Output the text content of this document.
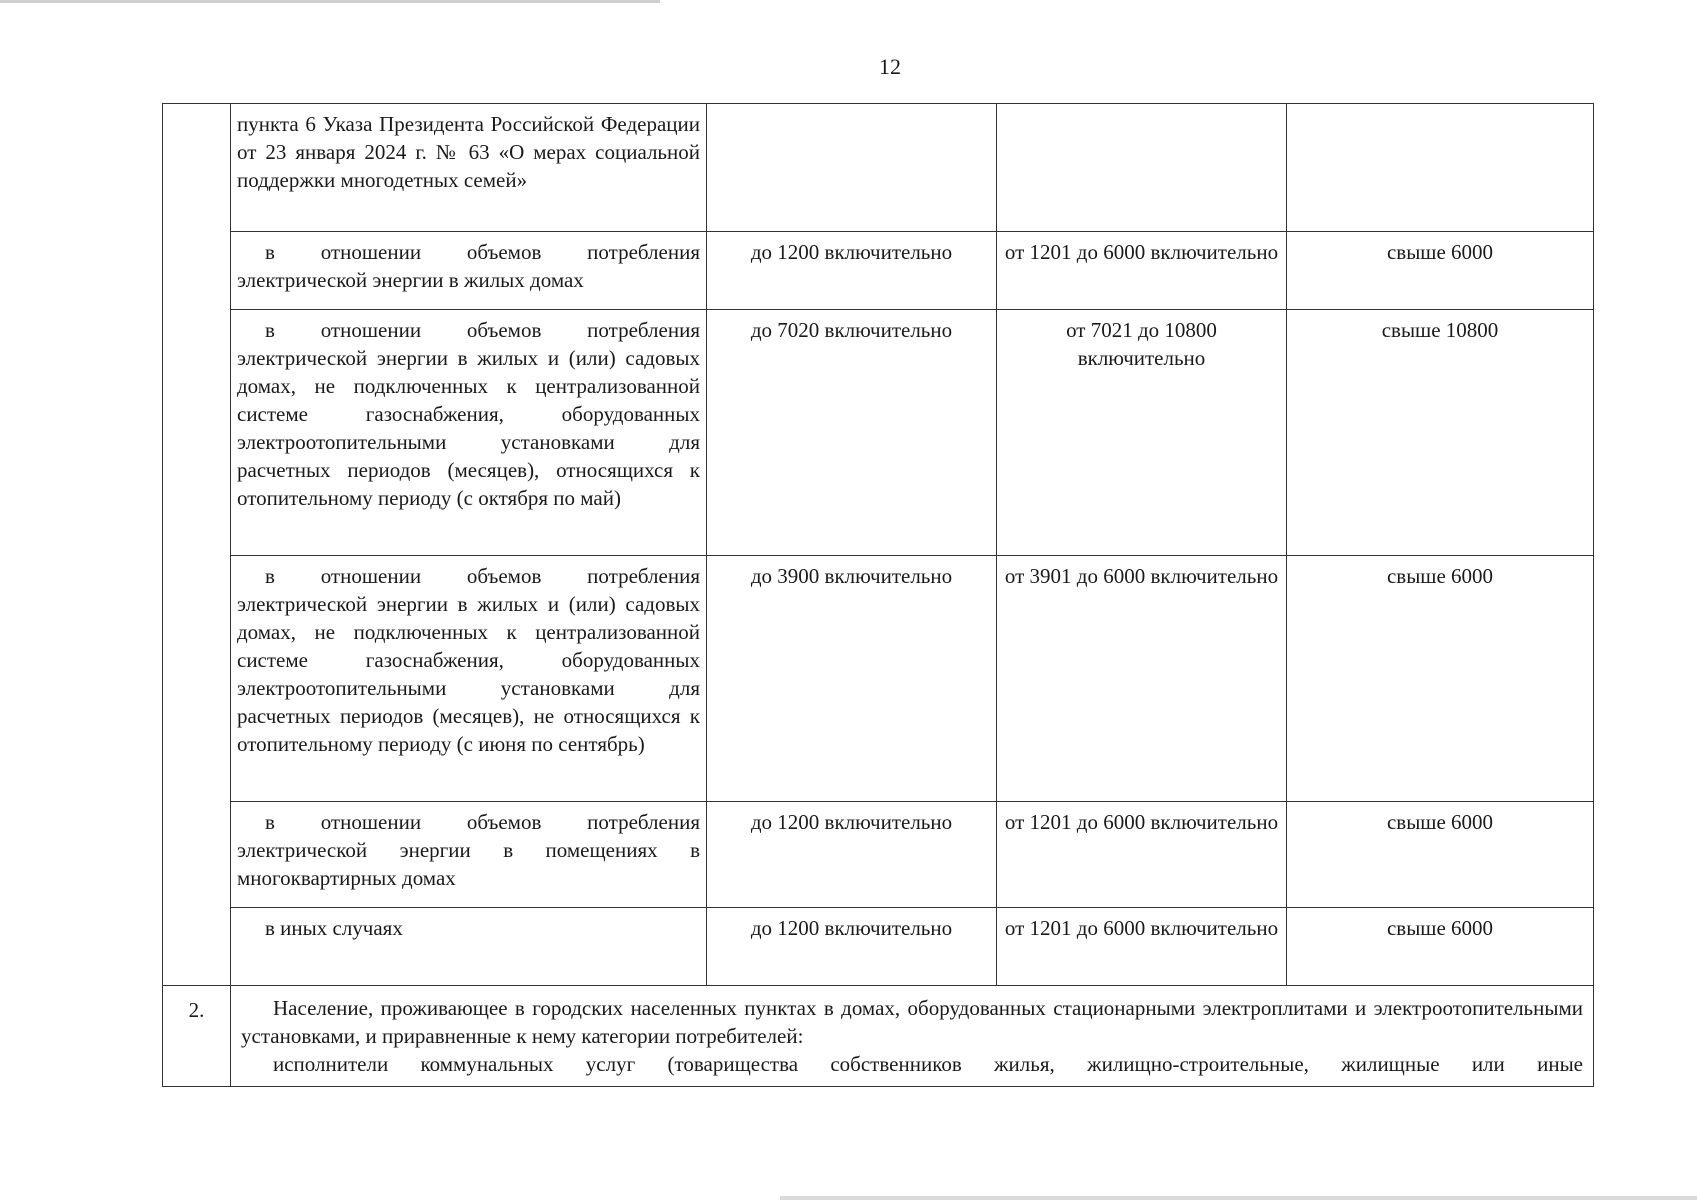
12
	пункта 6 Указа Президента Российской Федерации от 23 января 2024 г. № 63 «О мерах социальной поддержки многодетных семей»			
	в отношении объемов потребления электрической энергии в жилых домах	до 1200 включительно	от 1201 до 6000 включительно	свыше 6000
	в отношении объемов потребления электрической энергии в жилых и (или) садовых домах, не подключенных к централизованной системе газоснабжения, оборудованных электроотопительными установками для расчетных периодов (месяцев), относящихся к отопительному периоду (с октября по май)	до 7020 включительно	от 7021 до 10800 включительно	свыше 10800
	в отношении объемов потребления электрической энергии в жилых и (или) садовых домах, не подключенных к централизованной системе газоснабжения, оборудованных электроотопительными установками для расчетных периодов (месяцев), не относящихся к отопительному периоду (с июня по сентябрь)	до 3900 включительно	от 3901 до 6000 включительно	свыше 6000
	в отношении объемов потребления электрической энергии в помещениях в многоквартирных домах	до 1200 включительно	от 1201 до 6000 включительно	свыше 6000
	в иных случаях	до 1200 включительно	от 1201 до 6000 включительно	свыше 6000
2.	Население, проживающее в городских населенных пунктах в домах, оборудованных стационарными электроплитами и электроотопительными установками, и приравненные к нему категории потребителей:

исполнители коммунальных услуг (товарищества собственников жилья, жилищно-строительные, жилищные или иные			
